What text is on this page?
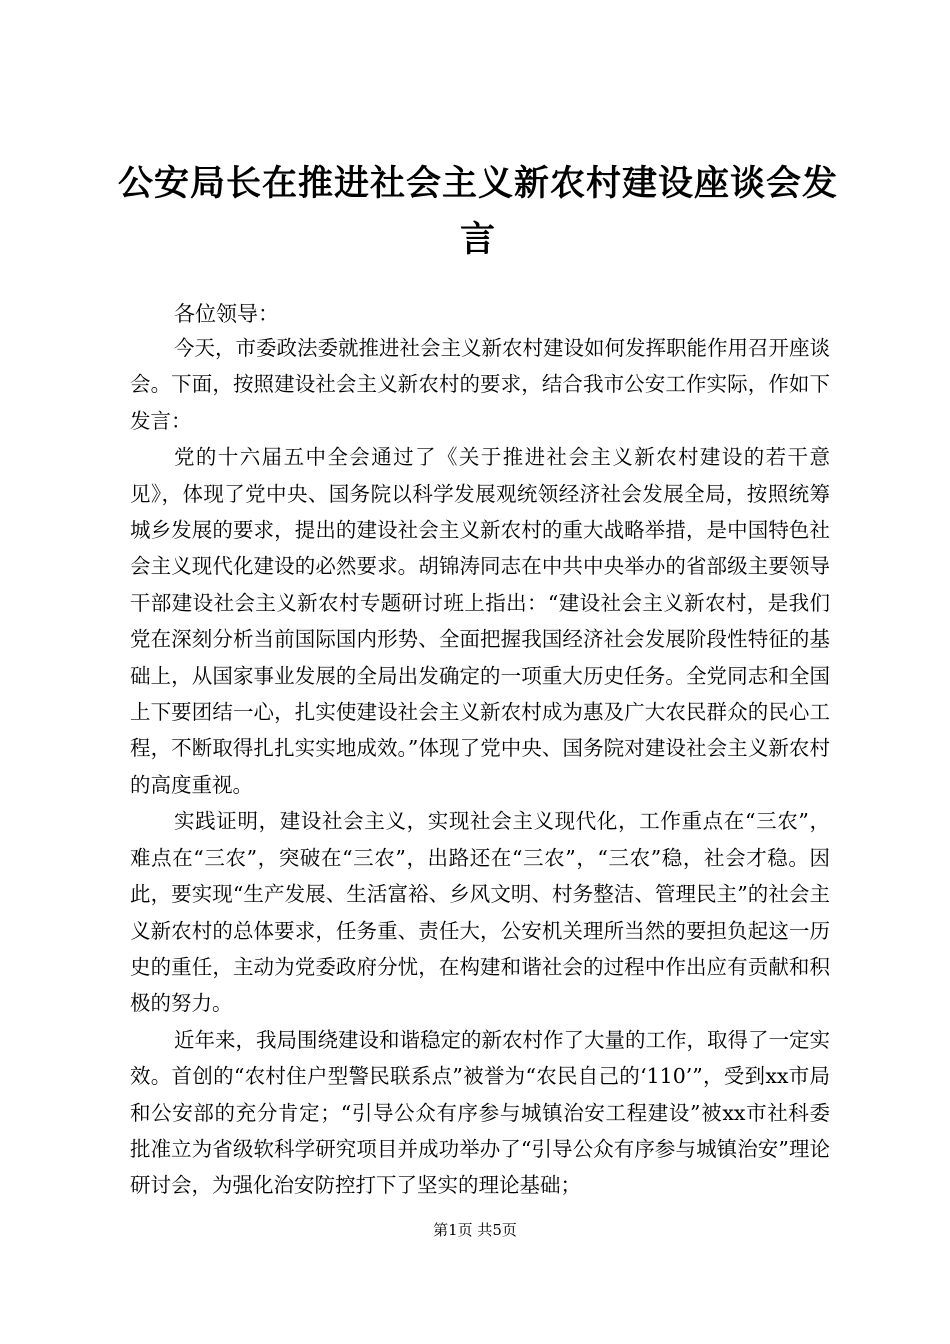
公安局长在推进社会主义新农村建设座谈会发言

各位领导：

今天，市委政法委就推进社会主义新农村建设如何发挥职能作用召开座谈会。下面，按照建设社会主义新农村的要求，结合我市公安工作实际，作如下发言：

党的十六届五中全会通过了《关于推进社会主义新农村建设的若干意见》，体现了党中央、国务院以科学发展观统领经济社会发展全局，按照统筹城乡发展的要求，提出的建设社会主义新农村的重大战略举措，是中国特色社会主义现代化建设的必然要求。胡锦涛同志在中共中央举办的省部级主要领导干部建设社会主义新农村专题研讨班上指出：“建设社会主义新农村，是我们党在深刻分析当前国际国内形势、全面把握我国经济社会发展阶段性特征的基础上，从国家事业发展的全局出发确定的一项重大历史任务。全党同志和全国上下要团结一心，扎实使建设社会主义新农村成为惠及广大农民群众的民心工程，不断取得扎扎实实地成效。”体现了党中央、国务院对建设社会主义新农村的高度重视。

实践证明，建设社会主义，实现社会主义现代化，工作重点在“三农”，难点在“三农”，突破在“三农”，出路还在“三农”，“三农”稳，社会才稳。因此，要实现“生产发展、生活富裕、乡风文明、村务整洁、管理民主”的社会主义新农村的总体要求，任务重、责任大，公安机关理所当然的要担负起这一历史的重任，主动为党委政府分忧，在构建和谐社会的过程中作出应有贡献和积极的努力。

近年来，我局围绕建设和谐稳定的新农村作了大量的工作，取得了一定实效。首创的“农村住户型警民联系点”被誉为“农民自己的‘110’”，受到xx市局和公安部的充分肯定；“引导公众有序参与城镇治安工程建设”被xx市社科委批准立为省级软科学研究项目并成功举办了“引导公众有序参与城镇治安”理论研讨会，为强化治安防控打下了坚实的理论基础；

第1页 共5页
